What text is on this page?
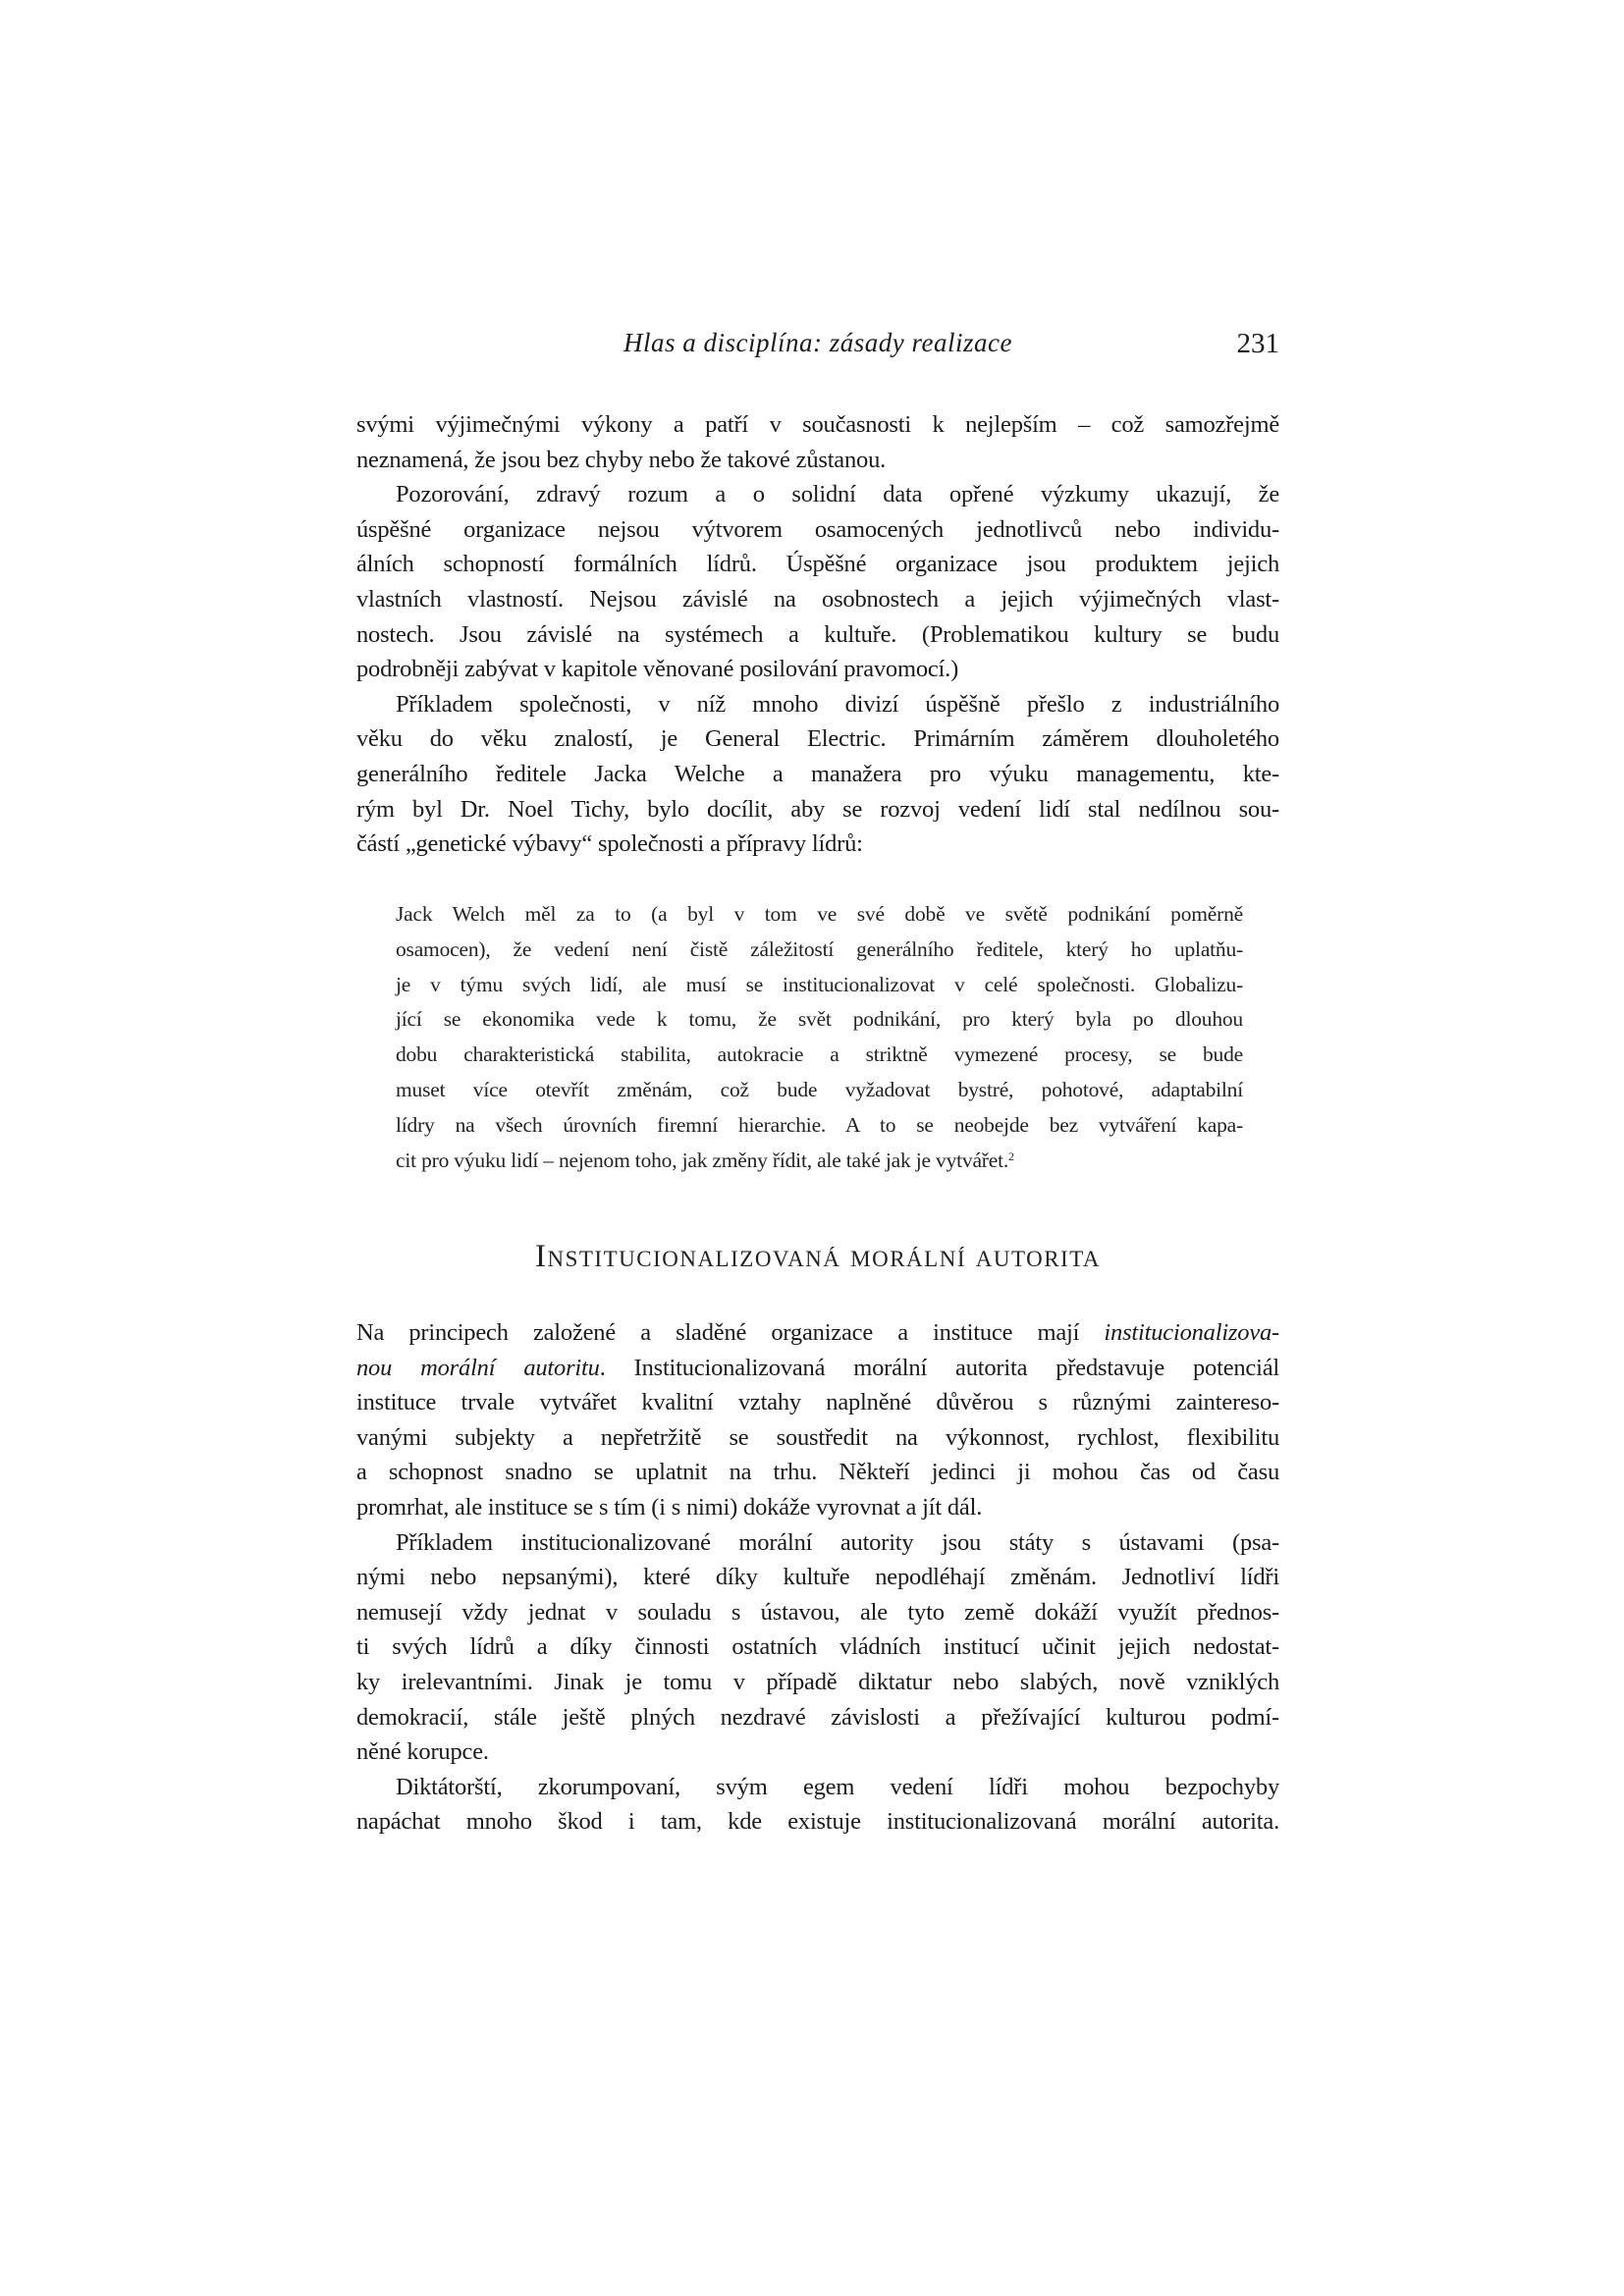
Hlas a disciplína: zásady realizace	231
svými výjimečnými výkony a patří v současnosti k nejlepším – což samozřejmě
neznamená, že jsou bez chyby nebo že takové zůstanou.
Pozorování, zdravý rozum a o solidní data opřené výzkumy ukazují, že
úspěšné organizace nejsou výtvorem osamocených jednotlivců nebo individu-
álních schopností formálních lídrů. Úspěšné organizace jsou produktem jejich
vlastních vlastností. Nejsou závislé na osobnostech a jejich výjimečných vlast-
nostech. Jsou závislé na systémech a kultuře. (Problematikou kultury se budu
podrobněji zabývat v kapitole věnované posilování pravomocí.)
Příkladem společnosti, v níž mnoho divizí úspěšně přešlo z industriálního
věku do věku znalostí, je General Electric. Primárním záměrem dlouholetého
generálního ředitele Jacka Welche a manažera pro výuku managementu, kte-
rým byl Dr. Noel Tichy, bylo docílit, aby se rozvoj vedení lidí stal nedílnou sou-
částí „genetické výbavy“ společnosti a přípravy lídrů:
Jack Welch měl za to (a byl v tom ve své době ve světě podnikání poměrně
osamocen), že vedení není čistě záležitostí generálního ředitele, který ho uplatňu-
je v týmu svých lidí, ale musí se institucionalizovat v celé společnosti. Globalizu-
jící se ekonomika vede k tomu, že svět podnikání, pro který byla po dlouhou
dobu charakteristická stabilita, autokracie a striktně vymezené procesy, se bude
muset více otevřít změnám, což bude vyžadovat bystré, pohotové, adaptabilní
lídry na všech úrovních firemní hierarchie. A to se neobejde bez vytváření kapa-
cit pro výuku lidí – nejenom toho, jak změny řídit, ale také jak je vytvářet.$^2$
Institucionalizovaná morální autorita
Na principech založené a sladěné organizace a instituce mají institucionalizova-
nou morální autoritu. Institucionalizovaná morální autorita představuje potenciál
instituce trvale vytvářet kvalitní vztahy naplněné důvěrou s různými zaintereso-
vanými subjekty a nepřetržitě se soustředit na výkonnost, rychlost, flexibilitu
a schopnost snadno se uplatnit na trhu. Někteří jedinci ji mohou čas od času
promrhat, ale instituce se s tím (i s nimi) dokáže vyrovnat a jít dál.
Příkladem institucionalizované morální autority jsou státy s ústavami (psa-
nými nebo nepsanými), které díky kultuře nepodléhají změnám. Jednotliví lídři
nemusejí vždy jednat v souladu s ústavou, ale tyto země dokáží využít přednos-
ti svých lídrů a díky činnosti ostatních vládních institucí učinit jejich nedostat-
ky irelevantními. Jinak je tomu v případě diktatur nebo slabých, nově vzniklých
demokracií, stále ještě plných nezdravé závislosti a přežívající kulturou podmí-
něné korupce.
Diktátorští, zkorumpovaní, svým egem vedení lídři mohou bezpochyby
napáchat mnoho škod i tam, kde existuje institucionalizovaná morální autorita.
